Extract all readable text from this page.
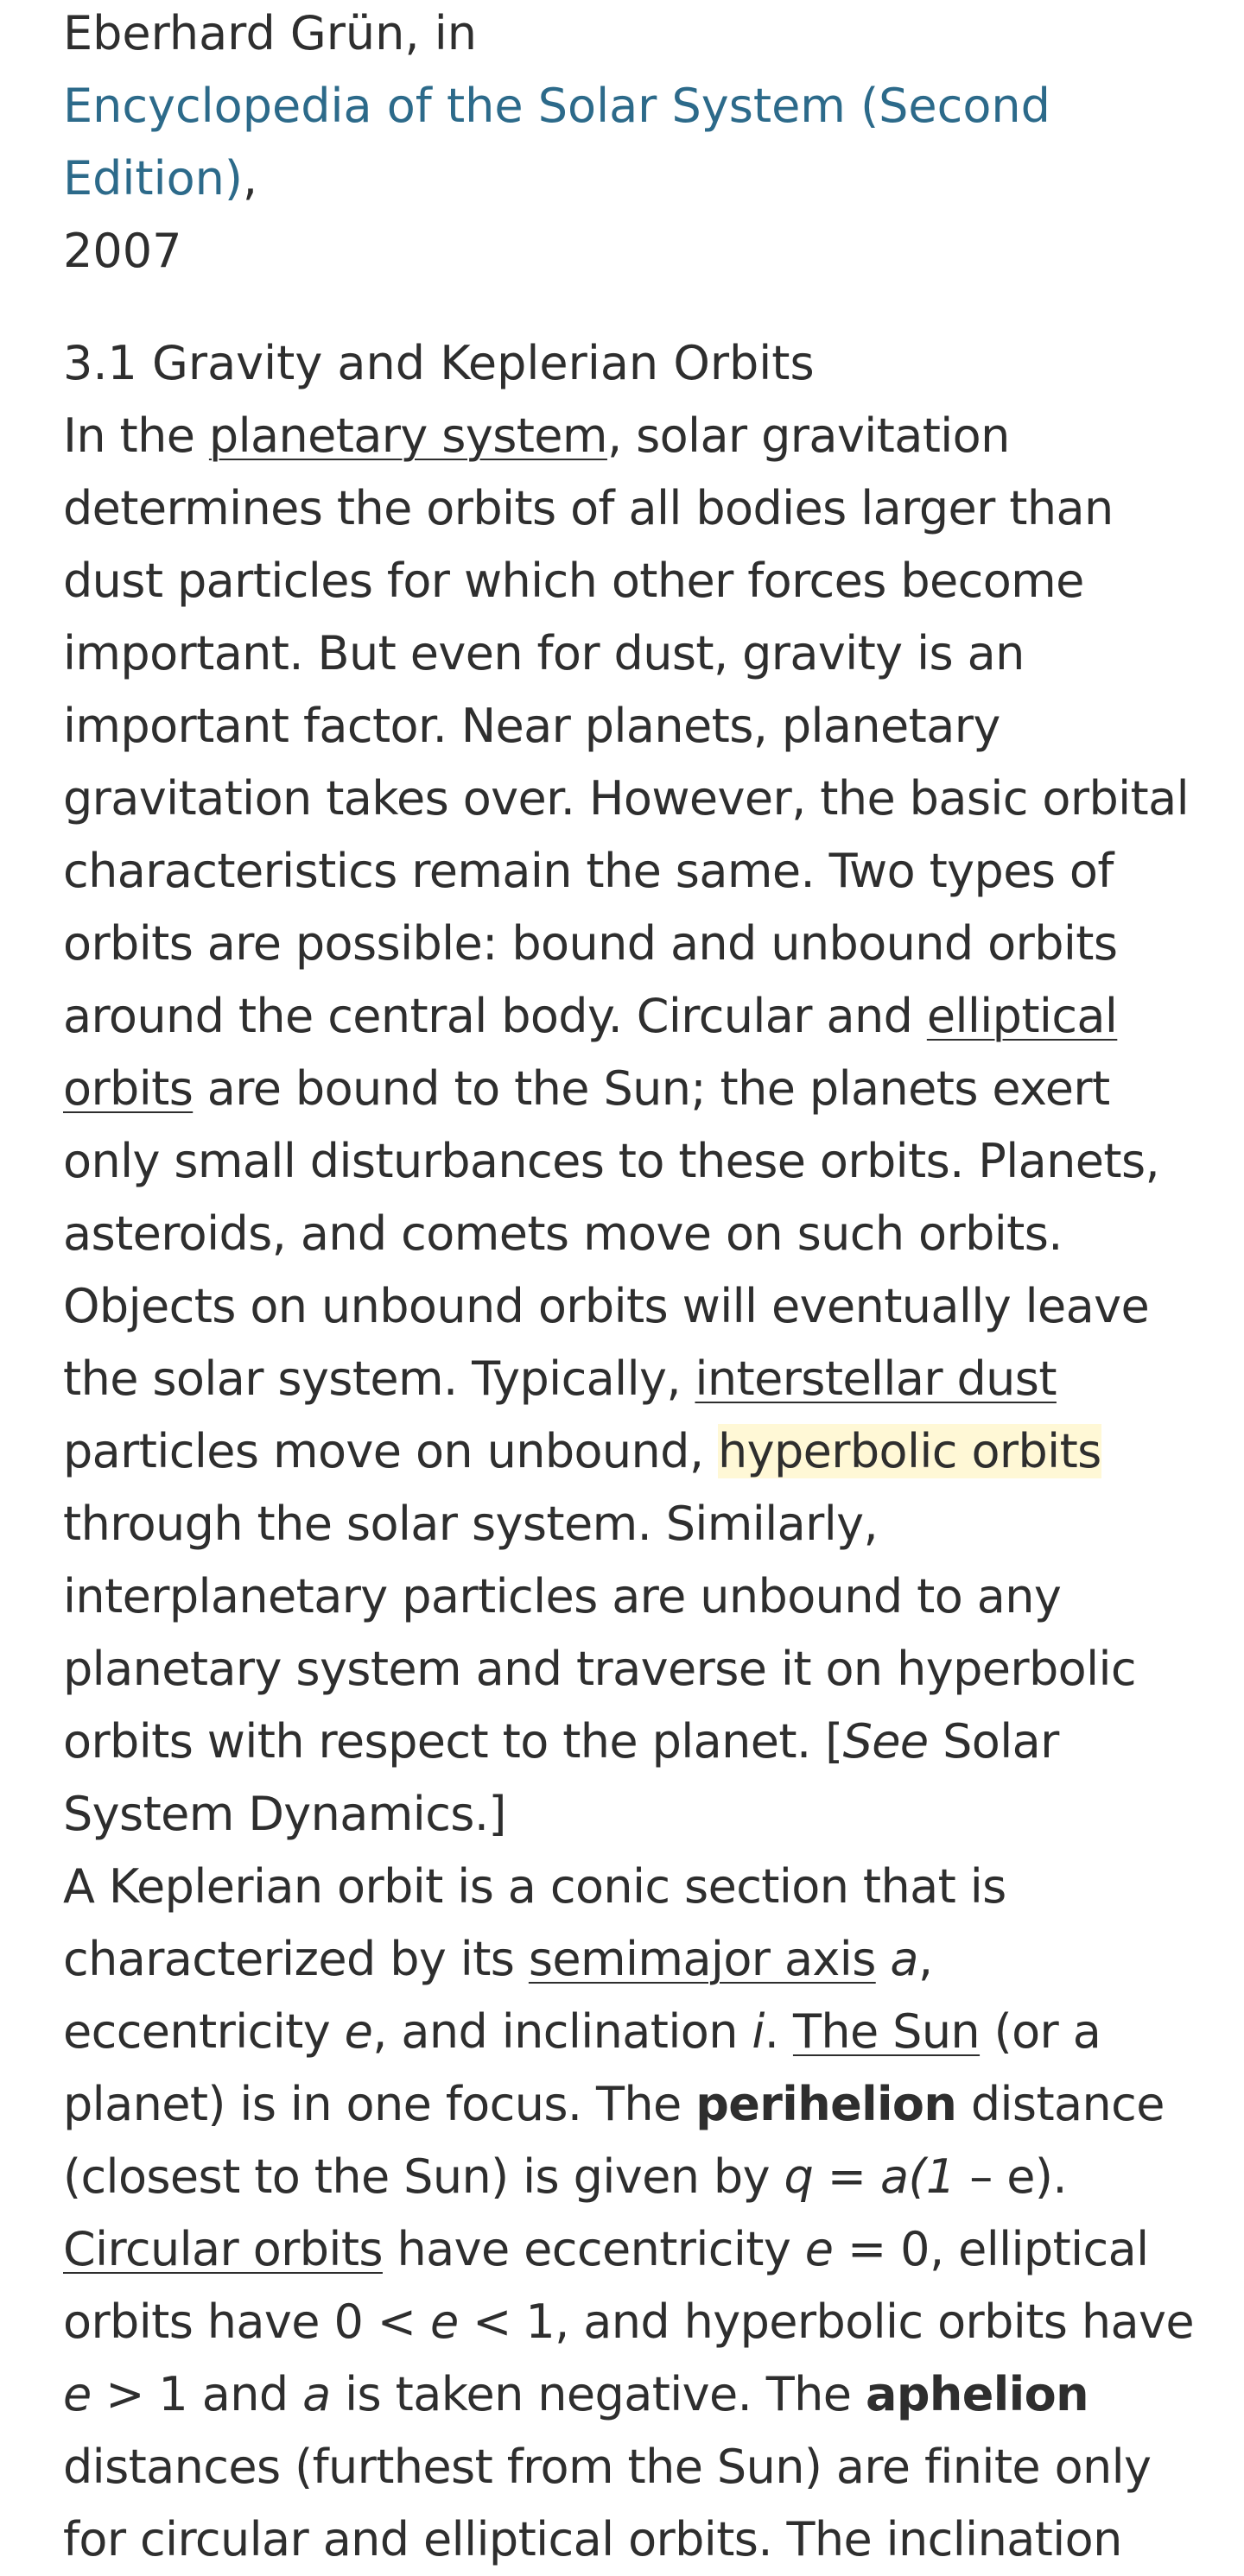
Eberhard Grün, in
Encyclopedia of the Solar System (Second Edition),
2007
3.1 Gravity and Keplerian Orbits

In the planetary system, solar gravitation determines the orbits of all bodies larger than dust particles for which other forces become important. But even for dust, gravity is an important factor. Near planets, planetary gravitation takes over. However, the basic orbital characteristics remain the same. Two types of orbits are possible: bound and unbound orbits around the central body. Circular and elliptical orbits are bound to the Sun; the planets exert only small disturbances to these orbits. Planets, asteroids, and comets move on such orbits. Objects on unbound orbits will eventually leave the solar system. Typically, interstellar dust particles move on unbound, hyperbolic orbits through the solar system. Similarly, interplanetary particles are unbound to any planetary system and traverse it on hyperbolic orbits with respect to the planet. [See Solar System Dynamics.]

A Keplerian orbit is a conic section that is characterized by its semimajor axis a, eccentricity e, and inclination i. The Sun (or a planet) is in one focus. The perihelion distance (closest to the Sun) is given by q = a(1 – e). Circular orbits have eccentricity e = 0, elliptical orbits have 0 < e < 1, and hyperbolic orbits have e > 1 and a is taken negative. The aphelion distances (furthest from the Sun) are finite only for circular and elliptical orbits. The inclination
